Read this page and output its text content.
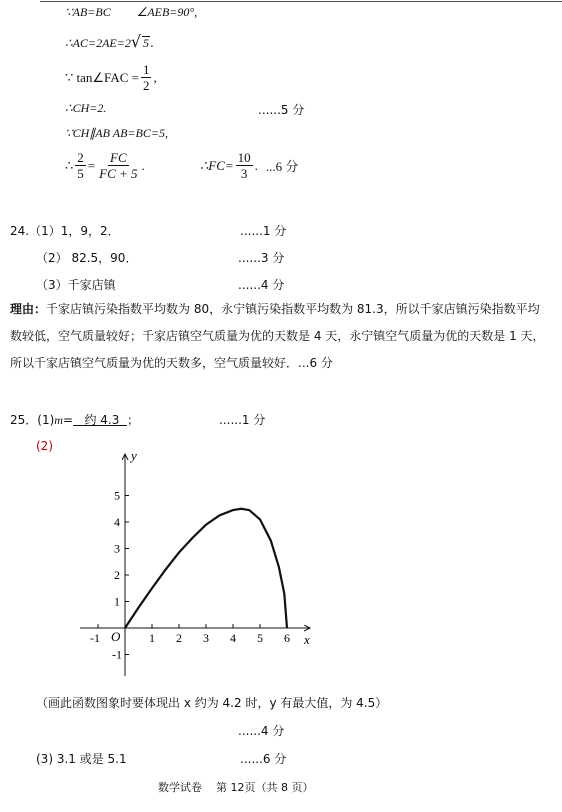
∵AB=BC ∠AEB=90°,
∴AC=2AE=2√ 5.
∵ tan∠FAC = $\frac{1}{2}$ ,
∴CH=2.	......5 分
∵CH∥AB AB=BC=5,
∴ $\frac{2}{5} = \frac{FC}{FC + 5}$ .	∴FC= $\frac{10}{3}$ . ...6 分
24.（1）1，9，2．	......1 分
（2） 82.5，90．	......3 分
（3）千家店镇	......4 分
理由：千家店镇污染指数平均数为 80，永宁镇污染指数平均数为 81.3，所以千家店镇污染指数平均数较低，空气质量较好；千家店镇空气质量为优的天数是 4 天，永宁镇空气质量为优的天数是 1 天，所以千家店镇空气质量为优的天数多，空气质量较好．...6 分
25．(1)m=   约 4.3  ；	......1 分
(2)
-1	1 2 3 4 5 6
5
4
3
2
1
-1
x
y
O
（画此函数图象时要体现出 x 约为 4.2 时，y 有最大值，为 4.5）
......4 分
(3) 3.1 或是 5.1	......6 分
数学试卷    第 12页（共 8 页）
